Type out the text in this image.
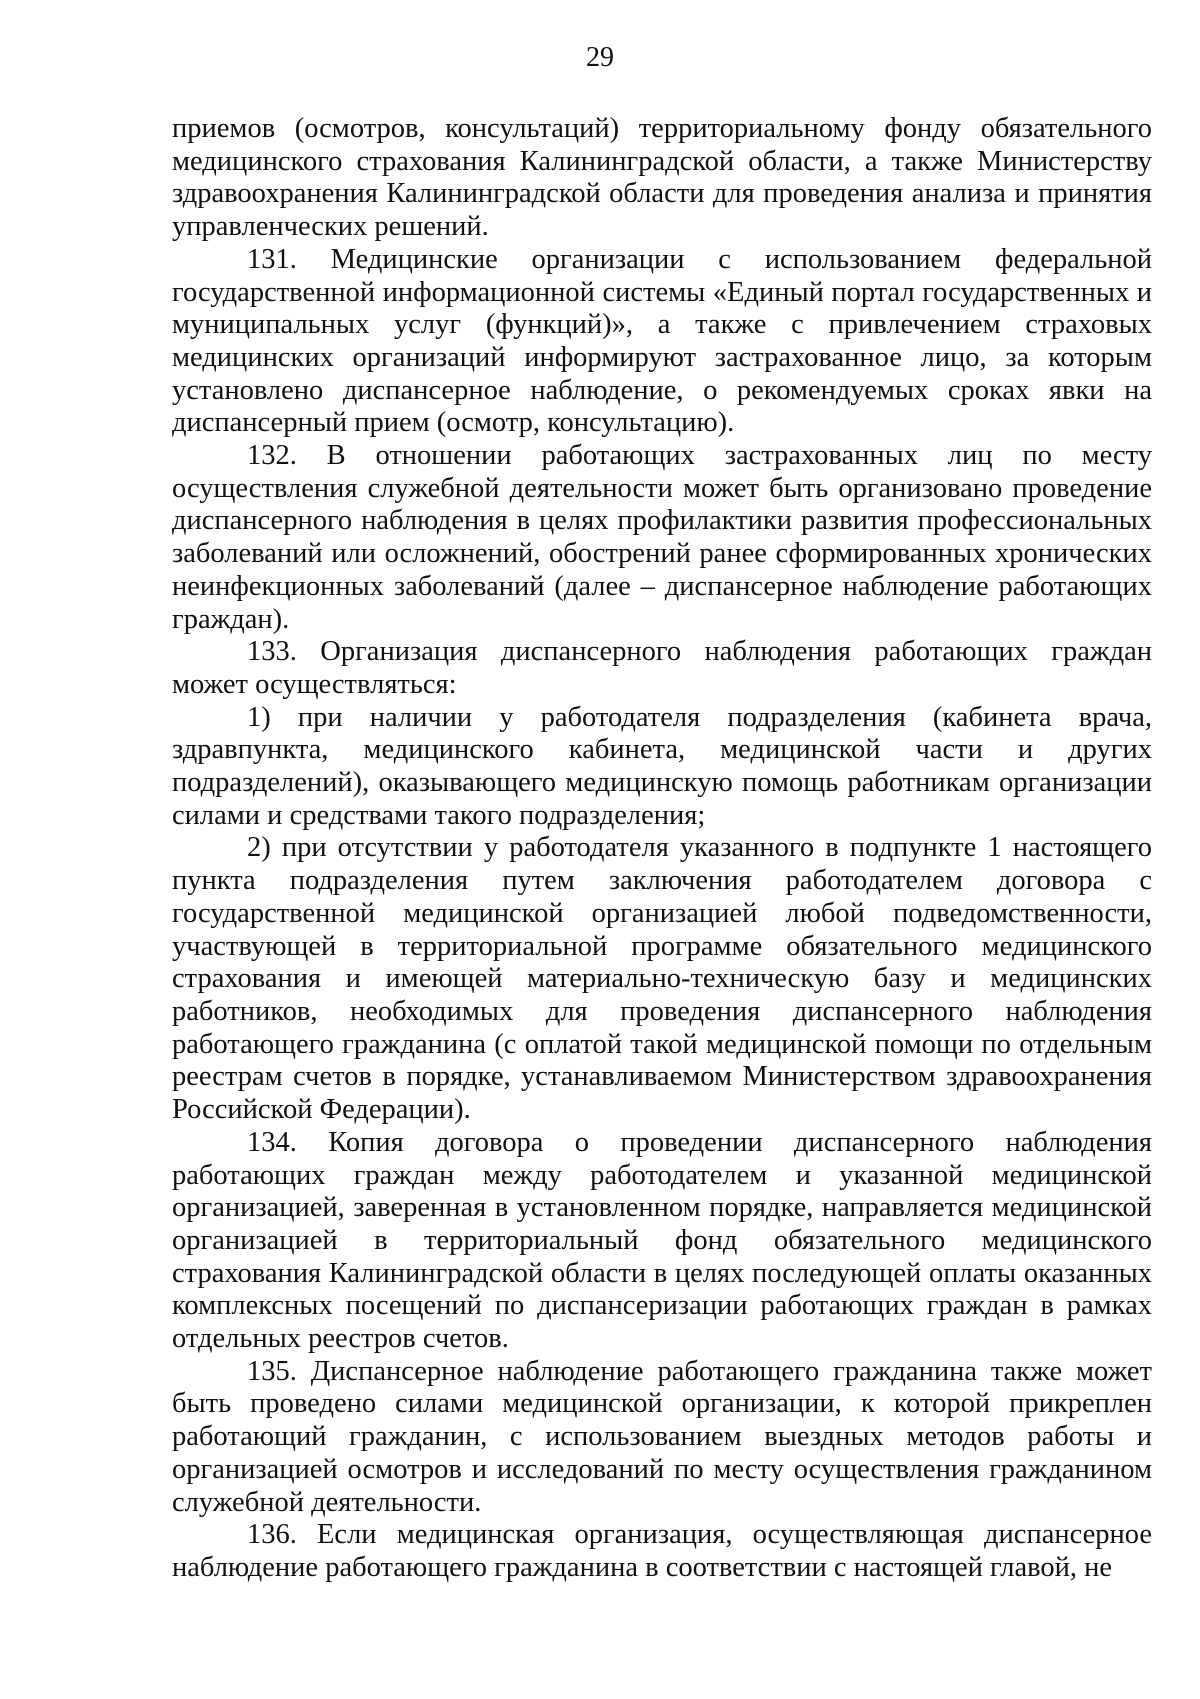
29

приемов (осмотров, консультаций) территориальному фонду обязательного медицинского страхования Калининградской области, а также Министерству здравоохранения Калининградской области для проведения анализа и принятия управленческих решений.

131. Медицинские организации с использованием федеральной государственной информационной системы «Единый портал государственных и муниципальных услуг (функций)», а также с привлечением страховых медицинских организаций информируют застрахованное лицо, за которым установлено диспансерное наблюдение, о рекомендуемых сроках явки на диспансерный прием (осмотр, консультацию).

132. В отношении работающих застрахованных лиц по месту осуществления служебной деятельности может быть организовано проведение диспансерного наблюдения в целях профилактики развития профессиональных заболеваний или осложнений, обострений ранее сформированных хронических неинфекционных заболеваний (далее – диспансерное наблюдение работающих граждан).

133. Организация диспансерного наблюдения работающих граждан может осуществляться:

1) при наличии у работодателя подразделения (кабинета врача, здравпункта, медицинского кабинета, медицинской части и других подразделений), оказывающего медицинскую помощь работникам организации силами и средствами такого подразделения;

2) при отсутствии у работодателя указанного в подпункте 1 настоящего пункта подразделения путем заключения работодателем договора с государственной медицинской организацией любой подведомственности, участвующей в территориальной программе обязательного медицинского страхования и имеющей материально-техническую базу и медицинских работников, необходимых для проведения диспансерного наблюдения работающего гражданина (с оплатой такой медицинской помощи по отдельным реестрам счетов в порядке, устанавливаемом Министерством здравоохранения Российской Федерации).

134. Копия договора о проведении диспансерного наблюдения работающих граждан между работодателем и указанной медицинской организацией, заверенная в установленном порядке, направляется медицинской организацией в территориальный фонд обязательного медицинского страхования Калининградской области в целях последующей оплаты оказанных комплексных посещений по диспансеризации работающих граждан в рамках отдельных реестров счетов.

135. Диспансерное наблюдение работающего гражданина также может быть проведено силами медицинской организации, к которой прикреплен работающий гражданин, с использованием выездных методов работы и организацией осмотров и исследований по месту осуществления гражданином служебной деятельности.

136. Если медицинская организация, осуществляющая диспансерное наблюдение работающего гражданина в соответствии с настоящей главой, не
